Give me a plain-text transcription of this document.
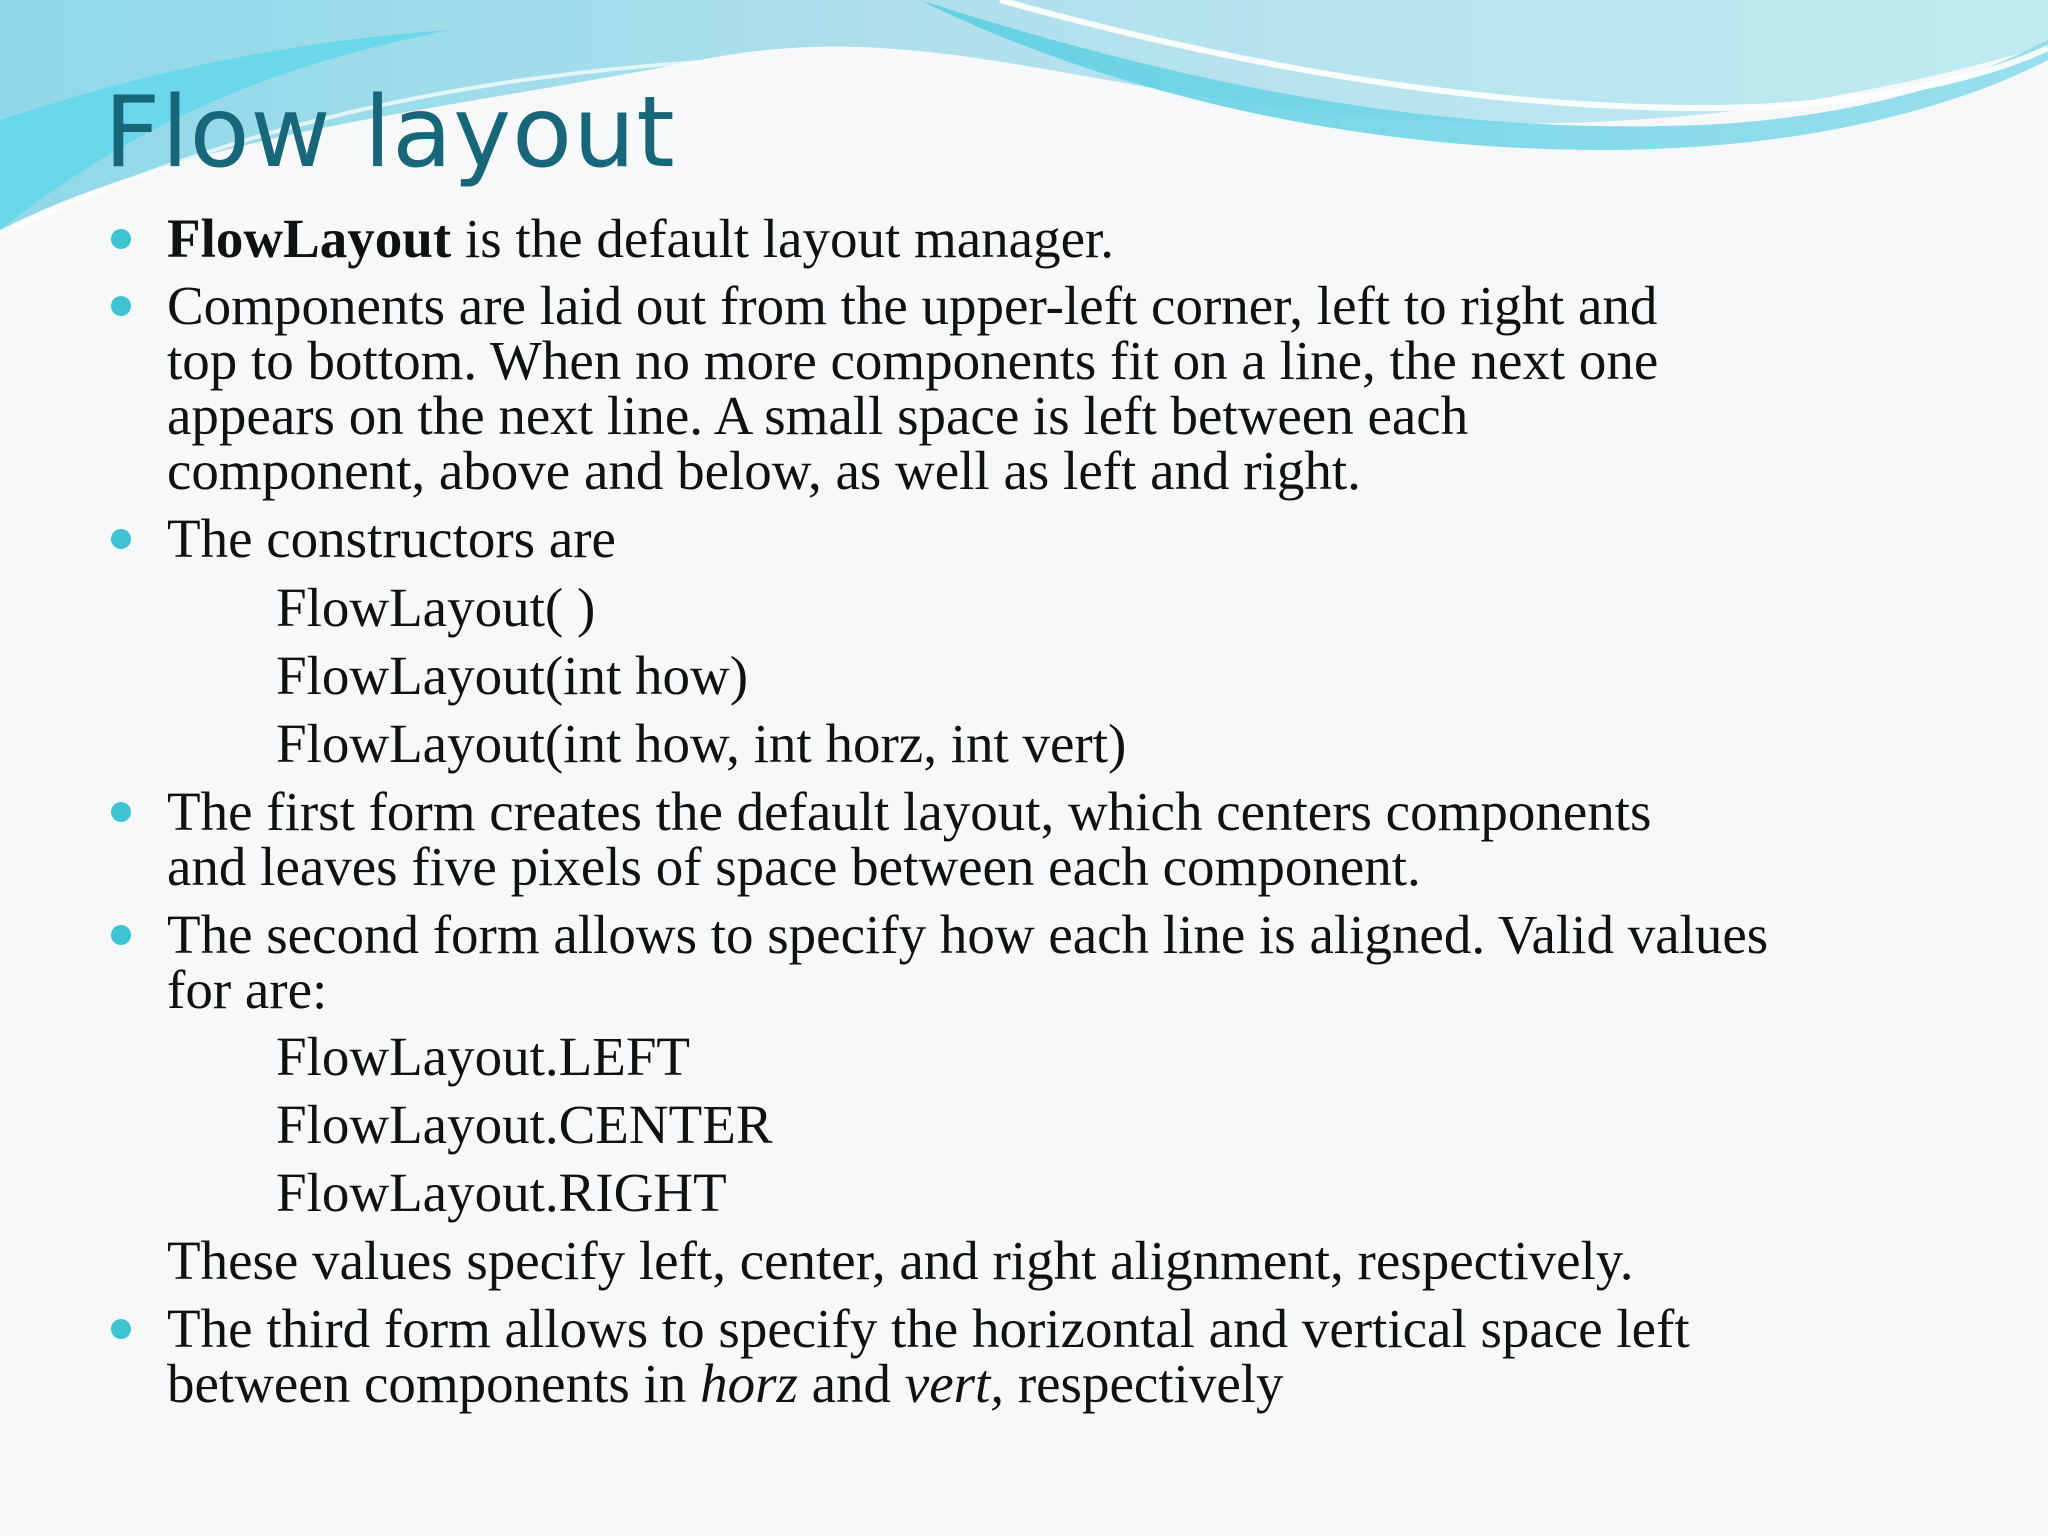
Flow layout
FlowLayout is the default layout manager.
Components are laid out from the upper-left corner, left to right and
top to bottom. When no more components fit on a line, the next one
appears on the next line. A small space is left between each
component, above and below, as well as left and right.
The constructors are
FlowLayout( )
FlowLayout(int how)
FlowLayout(int how, int horz, int vert)
The first form creates the default layout, which centers components
and leaves five pixels of space between each component.
The second form allows to specify how each line is aligned. Valid values
for are:
FlowLayout.LEFT
FlowLayout.CENTER
FlowLayout.RIGHT
These values specify left, center, and right alignment, respectively.
The third form allows to specify the horizontal and vertical space left
between components in horz and vert, respectively
